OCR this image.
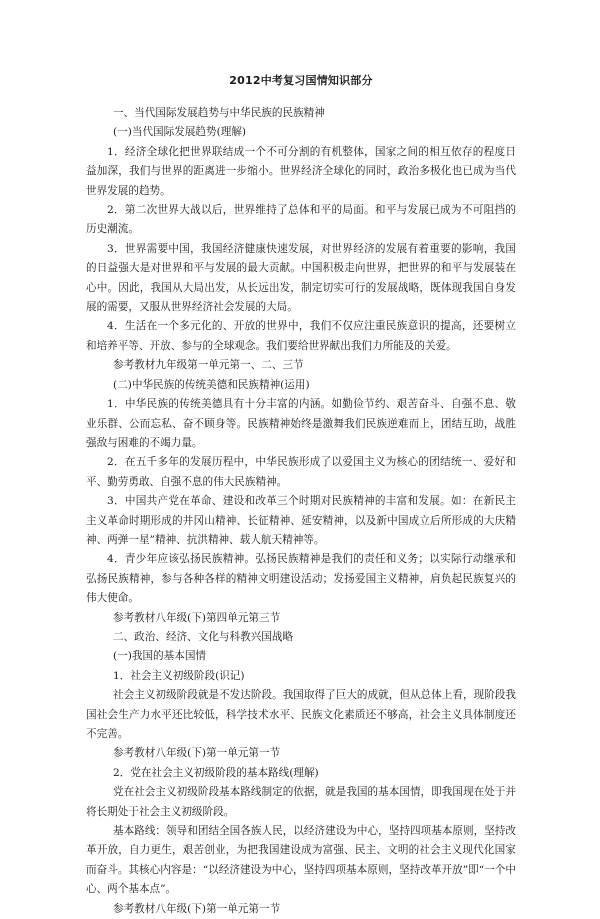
2012中考复习国情知识部分

一、当代国际发展趋势与中华民族的民族精神

(一)当代国际发展趋势(理解)

1．经济全球化把世界联结成一个不可分割的有机整体，国家之间的相互依存的程度日益加深，我们与世界的距离进一步缩小。世界经济全球化的同时，政治多极化也已成为当代世界发展的趋势。

2．第二次世界大战以后，世界维持了总体和平的局面。和平与发展已成为不可阻挡的历史潮流。

3．世界需要中国，我国经济健康快速发展，对世界经济的发展有着重要的影响，我国的日益强大是对世界和平与发展的最大贡献。中国积极走向世界，把世界的和平与发展装在心中。因此，我国从大局出发，从长远出发，制定切实可行的发展战略，既体现我国自身发展的需要，又服从世界经济社会发展的大局。

4．生活在一个多元化的、开放的世界中，我们不仅应注重民族意识的提高，还要树立和培养平等、开放、参与的全球观念。我们要给世界献出我们力所能及的关爱。

参考教材九年级第一单元第一、二、三节

(二)中华民族的传统美德和民族精神(运用)

1．中华民族的传统美德具有十分丰富的内涵。如勤俭节约、艰苦奋斗、自强不息、敬业乐群、公而忘私、奋不顾身等。民族精神始终是激舞我们民族逆难而上，团结互助，战胜强敌与困难的不竭力量。

2．在五千多年的发展历程中，中华民族形成了以爱国主义为核心的团结统一、爱好和平、勤劳勇敢、自强不息的伟大民族精神。

3．中国共产党在革命、建设和改革三个时期对民族精神的丰富和发展。如：在新民主主义革命时期形成的井冈山精神、长征精神、延安精神，以及新中国成立后所形成的大庆精神、两弹一星”精神、抗洪精神、载人航天精神等。

4．青少年应该弘扬民族精神。弘扬民族精神是我们的责任和义务；以实际行动继承和弘扬民族精神，参与各种各样的精神文明建设活动；发扬爱国主义精神，肩负起民族复兴的伟大使命。

参考教材八年级(下)第四单元第三节

二、政治、经济、文化与科教兴国战略

(一)我国的基本国情

1．社会主义初级阶段(识记)

社会主义初级阶段就是不发达阶段。我国取得了巨大的成就，但从总体上看，现阶段我国社会生产力水平还比较低，科学技术水平、民族文化素质还不够高，社会主义具体制度还不完善。

参考教材八年级(下)第一单元第一节

2．党在社会主义初级阶段的基本路线(理解)

党在社会主义初级阶段基本路线制定的依据，就是我国的基本国情，即我国现在处于并将长期处于社会主义初级阶段。

基本路线：领导和团结全国各族人民，以经济建设为中心，坚持四项基本原则，坚持改革开放，自力更生，艰苦创业，为把我国建设成为富强、民主、文明的社会主义现代化国家而奋斗。其核心内容是：“以经济建设为中心，坚持四项基本原则，坚持改革开放”即“一个中心、两个基本点”。

参考教材八年级(下)第一单元第一节
